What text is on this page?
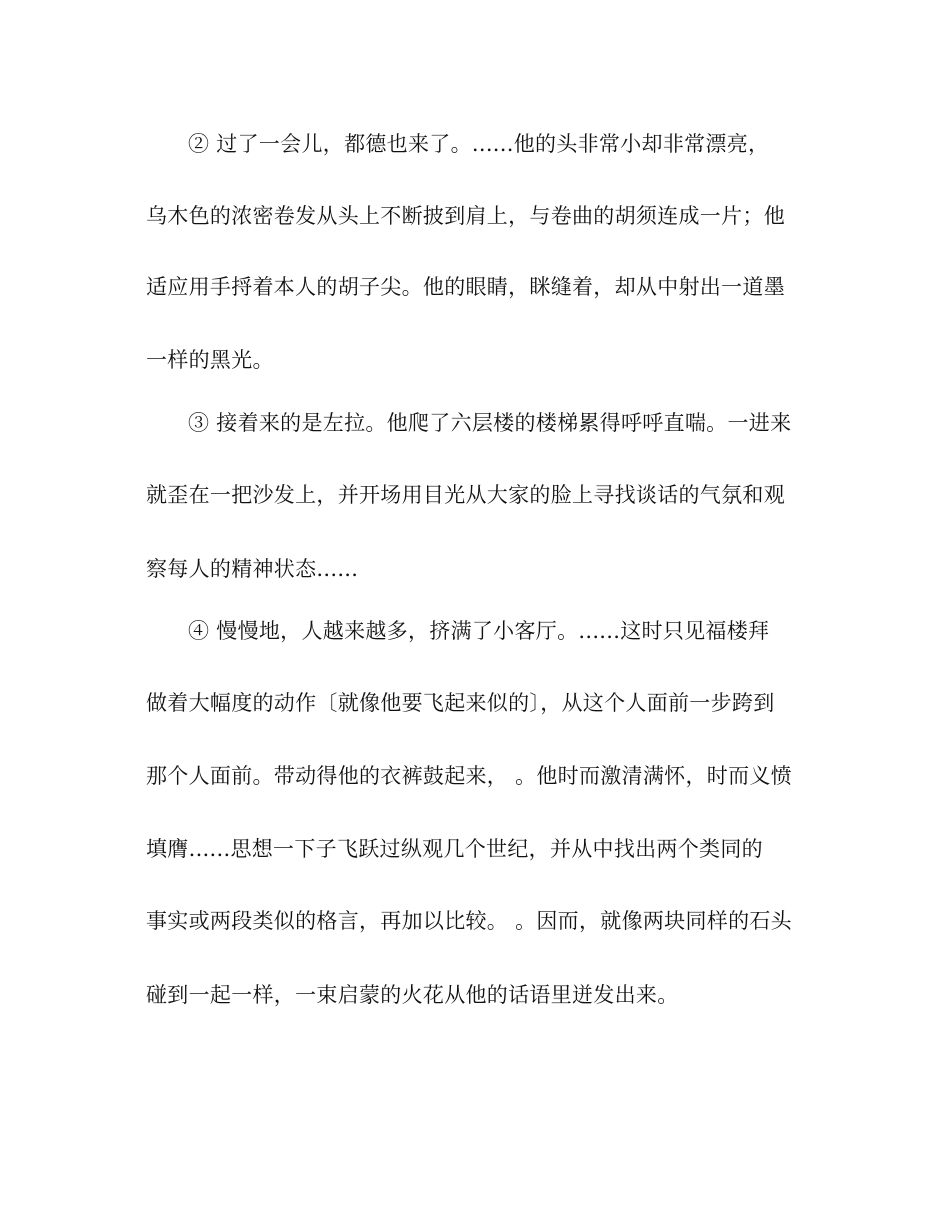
② 过了一会儿，都德也来了。......他的头非常小却非常漂亮，
乌木色的浓密卷发从头上不断披到肩上，与卷曲的胡须连成一片；他
适应用手捋着本人的胡子尖。他的眼睛，眯缝着，却从中射出一道墨
一样的黑光。
③ 接着来的是左拉。他爬了六层楼的楼梯累得呼呼直喘。一进来
就歪在一把沙发上，并开场用目光从大家的脸上寻找谈话的气氛和观
察每人的精神状态......
④ 慢慢地，人越来越多，挤满了小客厅。......这时只见福楼拜
做着大幅度的动作〔就像他要飞起来似的〕，从这个人面前一步跨到
那个人面前。带动得他的衣裤鼓起来， 。他时而激清满怀，时而义愤
填膺......思想一下子飞跃过纵观几个世纪，并从中找出两个类同的
事实或两段类似的格言，再加以比较。 。因而，就像两块同样的石头
碰到一起一样，一束启蒙的火花从他的话语里迸发出来。
